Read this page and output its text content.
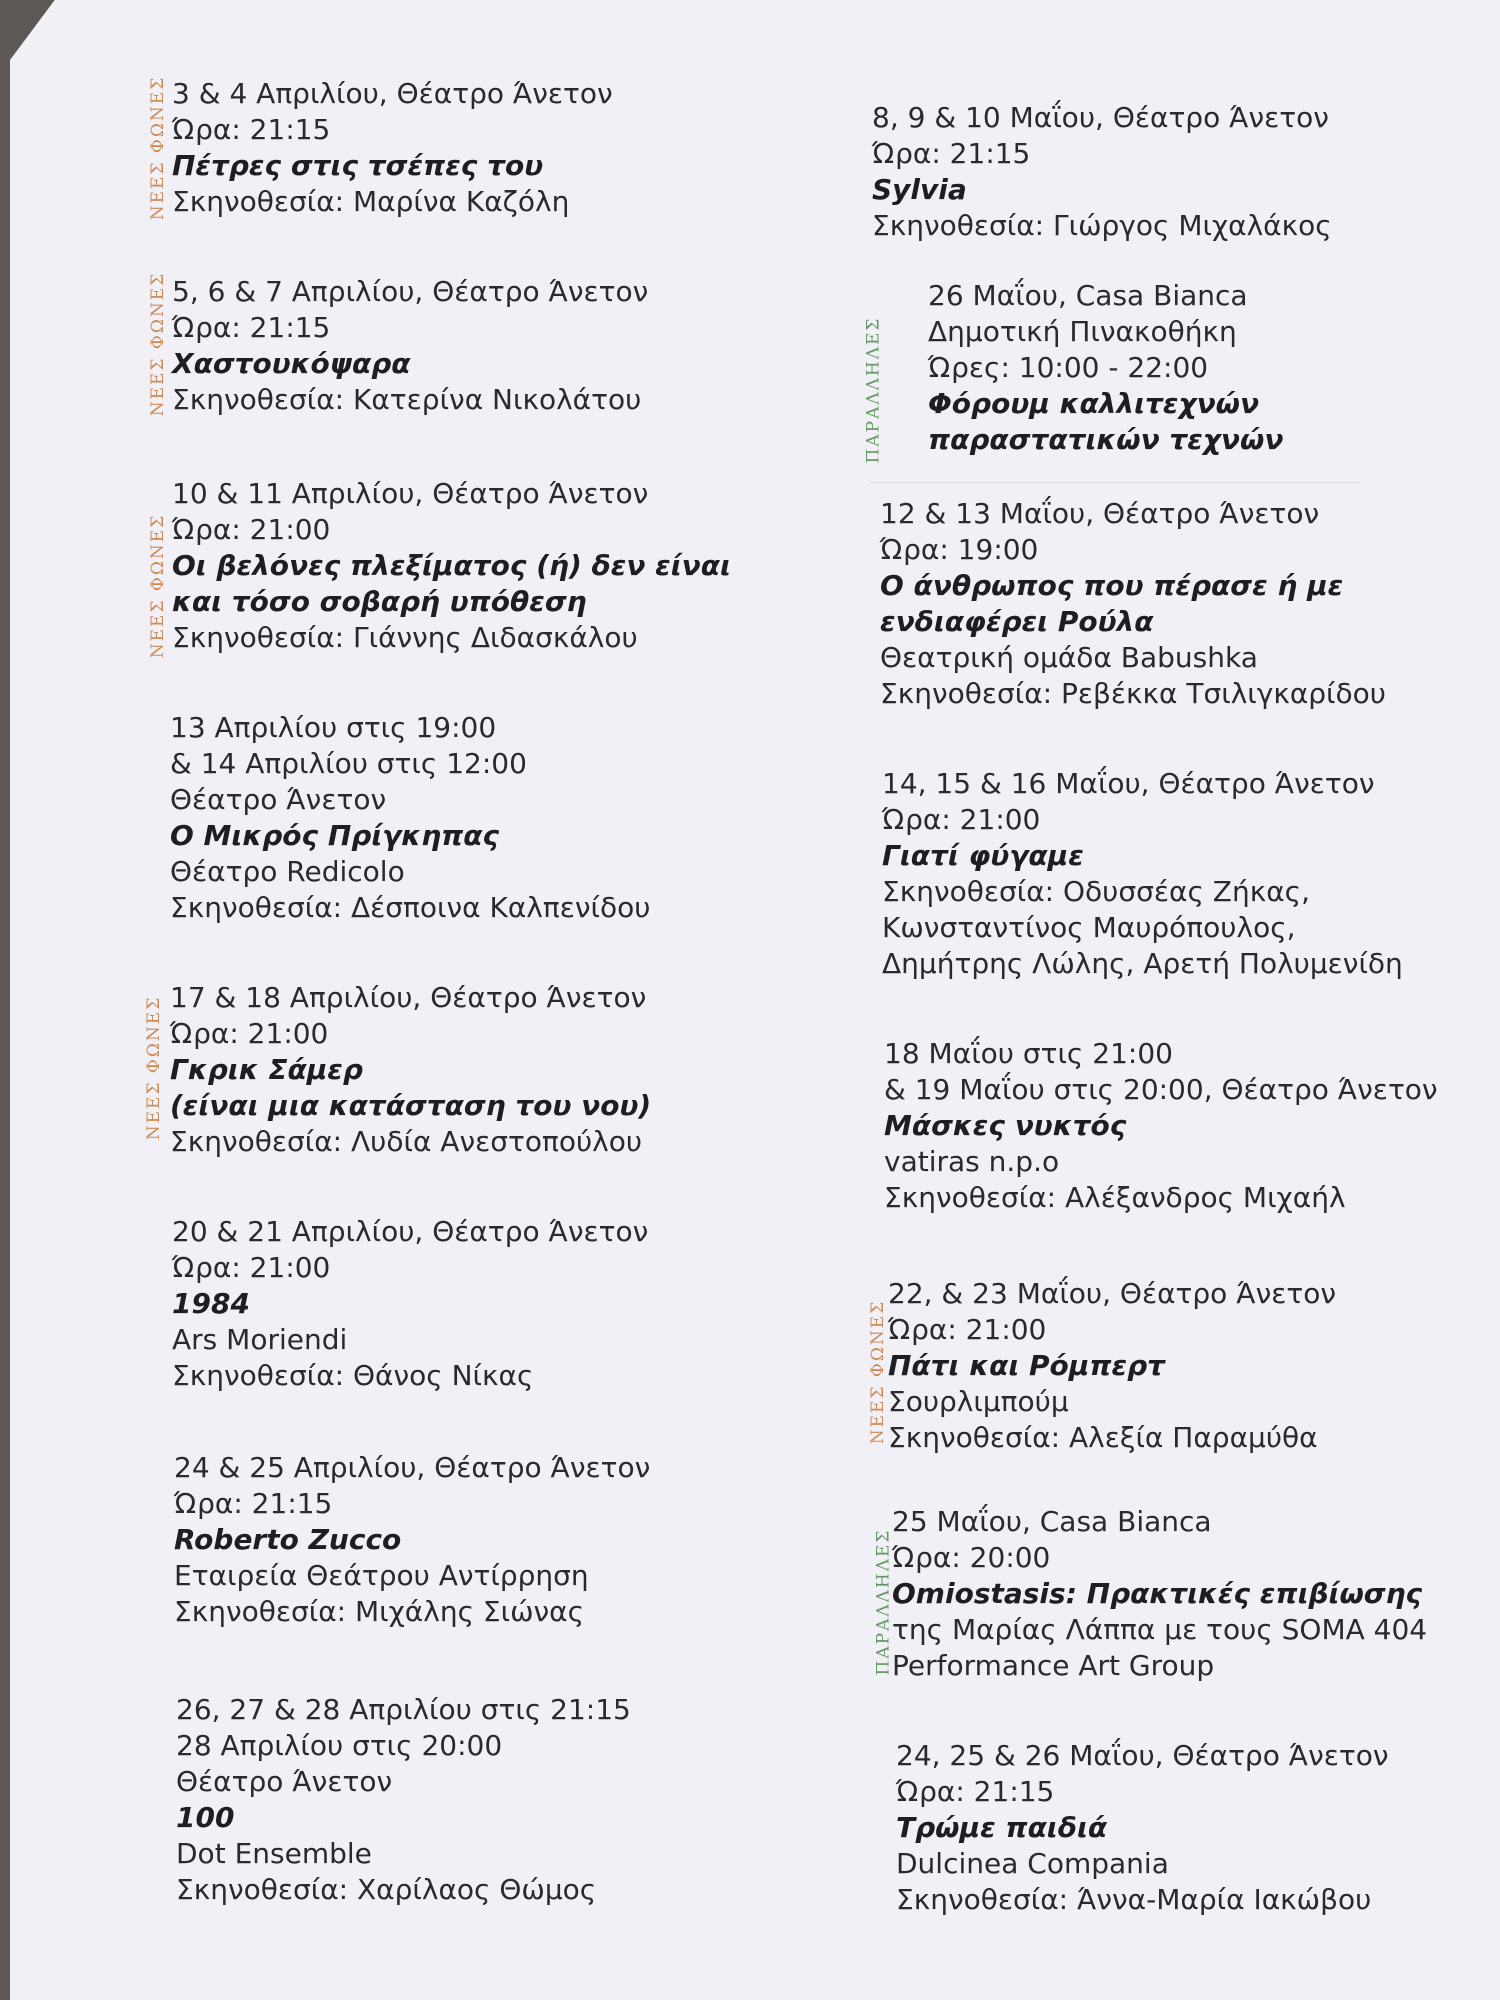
3 & 4 Απριλίου, Θέατρο Άνετον
Ώρα: 21:15
Πέτρες στις τσέπες του
Σκηνοθεσία: Μαρίνα Καζόλη
5, 6 & 7 Απριλίου, Θέατρο Άνετον
Ώρα: 21:15
Χαστουκόψαρα
Σκηνοθεσία: Κατερίνα Νικολάτου
10 & 11 Απριλίου, Θέατρο Άνετον
Ώρα: 21:00
Οι βελόνες πλεξίματος (ή) δεν είναι
και τόσο σοβαρή υπόθεση
Σκηνοθεσία: Γιάννης Διδασκάλου
13 Απριλίου στις 19:00
& 14 Απριλίου στις 12:00
Θέατρο Άνετον
Ο Μικρός Πρίγκηπας
Θέατρο Redicolo
Σκηνοθεσία: Δέσποινα Καλπενίδου
17 & 18 Απριλίου, Θέατρο Άνετον
Ώρα: 21:00
Γκρικ Σάμερ
(είναι μια κατάσταση του νου)
Σκηνοθεσία: Λυδία Ανεστοπούλου
20 & 21 Απριλίου, Θέατρο Άνετον
Ώρα: 21:00
1984
Ars Moriendi
Σκηνοθεσία: Θάνος Νίκας
24 & 25 Απριλίου, Θέατρο Άνετον
Ώρα: 21:15
Roberto Zucco
Εταιρεία Θεάτρου Αντίρρηση
Σκηνοθεσία: Μιχάλης Σιώνας
26, 27 & 28 Απριλίου στις 21:15
28 Απριλίου στις 20:00
Θέατρο Άνετον
100
Dot Ensemble
Σκηνοθεσία: Χαρίλαος Θώμος
8, 9 & 10 Μαΐου, Θέατρο Άνετον
Ώρα: 21:15
Sylvia
Σκηνοθεσία: Γιώργος Μιχαλάκος
26 Μαΐου, Casa Bianca
Δημοτική Πινακοθήκη
Ώρες: 10:00 - 22:00
Φόρουμ καλλιτεχνών
παραστατικών τεχνών
12 & 13 Μαΐου, Θέατρο Άνετον
Ώρα: 19:00
Ο άνθρωπος που πέρασε ή με
ενδιαφέρει Ρούλα
Θεατρική ομάδα Babushka
Σκηνοθεσία: Ρεβέκκα Τσιλιγκαρίδου
14, 15 & 16 Μαΐου, Θέατρο Άνετον
Ώρα: 21:00
Γιατί φύγαμε
Σκηνοθεσία: Οδυσσέας Ζήκας,
Κωνσταντίνος Μαυρόπουλος,
Δημήτρης Λώλης, Αρετή Πολυμενίδη
18 Μαΐου στις 21:00
& 19 Μαΐου στις 20:00, Θέατρο Άνετον
Μάσκες νυκτός
vatiras n.p.o
Σκηνοθεσία: Αλέξανδρος Μιχαήλ
22, & 23 Μαΐου, Θέατρο Άνετον
Ώρα: 21:00
Πάτι και Ρόμπερτ
Σουρλιμπούμ
Σκηνοθεσία: Αλεξία Παραμύθα
25 Μαΐου, Casa Bianca
Ώρα: 20:00
Omiostasis: Πρακτικές επιβίωσης
της Μαρίας Λάππα με τους SOMA 404
Performance Art Group
24, 25 & 26 Μαΐου, Θέατρο Άνετον
Ώρα: 21:15
Τρώμε παιδιά
Dulcinea Compania
Σκηνοθεσία: Άννα-Μαρία Ιακώβου
ΝΕΕΣ ΦΩΝΕΣ
ΝΕΕΣ ΦΩΝΕΣ
ΝΕΕΣ ΦΩΝΕΣ
ΝΕΕΣ ΦΩΝΕΣ
ΠΑΡΑΛΛΗΛΕΣ
ΝΕΕΣ ΦΩΝΕΣ
ΠΑΡΑΛΛΗΛΕΣ
